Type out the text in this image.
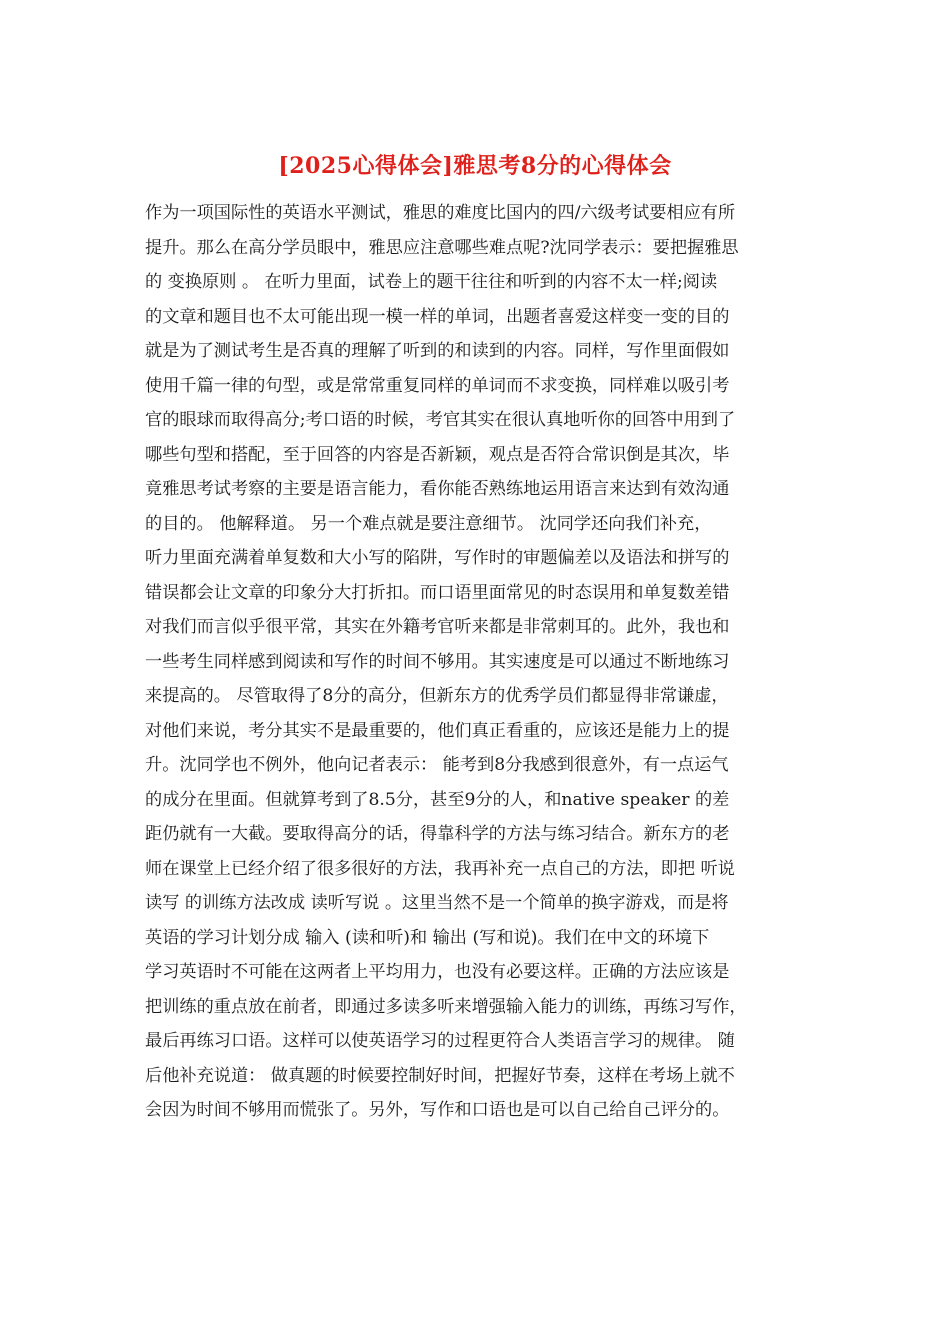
[2025心得体会]雅思考8分的心得体会
作为一项国际性的英语水平测试，雅思的难度比国内的四/六级考试要相应有所
提升。那么在高分学员眼中，雅思应注意哪些难点呢?沈同学表示：要把握雅思
的 变换原则 。 在听力里面，试卷上的题干往往和听到的内容不太一样;阅读
的文章和题目也不太可能出现一模一样的单词，出题者喜爱这样变一变的目的
就是为了测试考生是否真的理解了听到的和读到的内容。同样，写作里面假如
使用千篇一律的句型，或是常常重复同样的单词而不求变换，同样难以吸引考
官的眼球而取得高分;考口语的时候，考官其实在很认真地听你的回答中用到了
哪些句型和搭配，至于回答的内容是否新颖，观点是否符合常识倒是其次，毕
竟雅思考试考察的主要是语言能力，看你能否熟练地运用语言来达到有效沟通
的目的。 他解释道。 另一个难点就是要注意细节。 沈同学还向我们补充，
听力里面充满着单复数和大小写的陷阱，写作时的审题偏差以及语法和拼写的
错误都会让文章的印象分大打折扣。而口语里面常见的时态误用和单复数差错
对我们而言似乎很平常，其实在外籍考官听来都是非常刺耳的。此外，我也和
一些考生同样感到阅读和写作的时间不够用。其实速度是可以通过不断地练习
来提高的。 尽管取得了8分的高分，但新东方的优秀学员们都显得非常谦虚，
对他们来说，考分其实不是最重要的，他们真正看重的，应该还是能力上的提
升。沈同学也不例外，他向记者表示： 能考到8分我感到很意外，有一点运气
的成分在里面。但就算考到了8.5分，甚至9分的人，和native speaker 的差
距仍就有一大截。要取得高分的话，得靠科学的方法与练习结合。新东方的老
师在课堂上已经介绍了很多很好的方法，我再补充一点自己的方法，即把 听说
读写 的训练方法改成 读听写说 。这里当然不是一个简单的换字游戏，而是将
英语的学习计划分成 输入 (读和听)和 输出 (写和说)。我们在中文的环境下
学习英语时不可能在这两者上平均用力，也没有必要这样。正确的方法应该是
把训练的重点放在前者，即通过多读多听来增强输入能力的训练，再练习写作，
最后再练习口语。这样可以使英语学习的过程更符合人类语言学习的规律。 随
后他补充说道： 做真题的时候要控制好时间，把握好节奏，这样在考场上就不
会因为时间不够用而慌张了。另外，写作和口语也是可以自己给自己评分的。
